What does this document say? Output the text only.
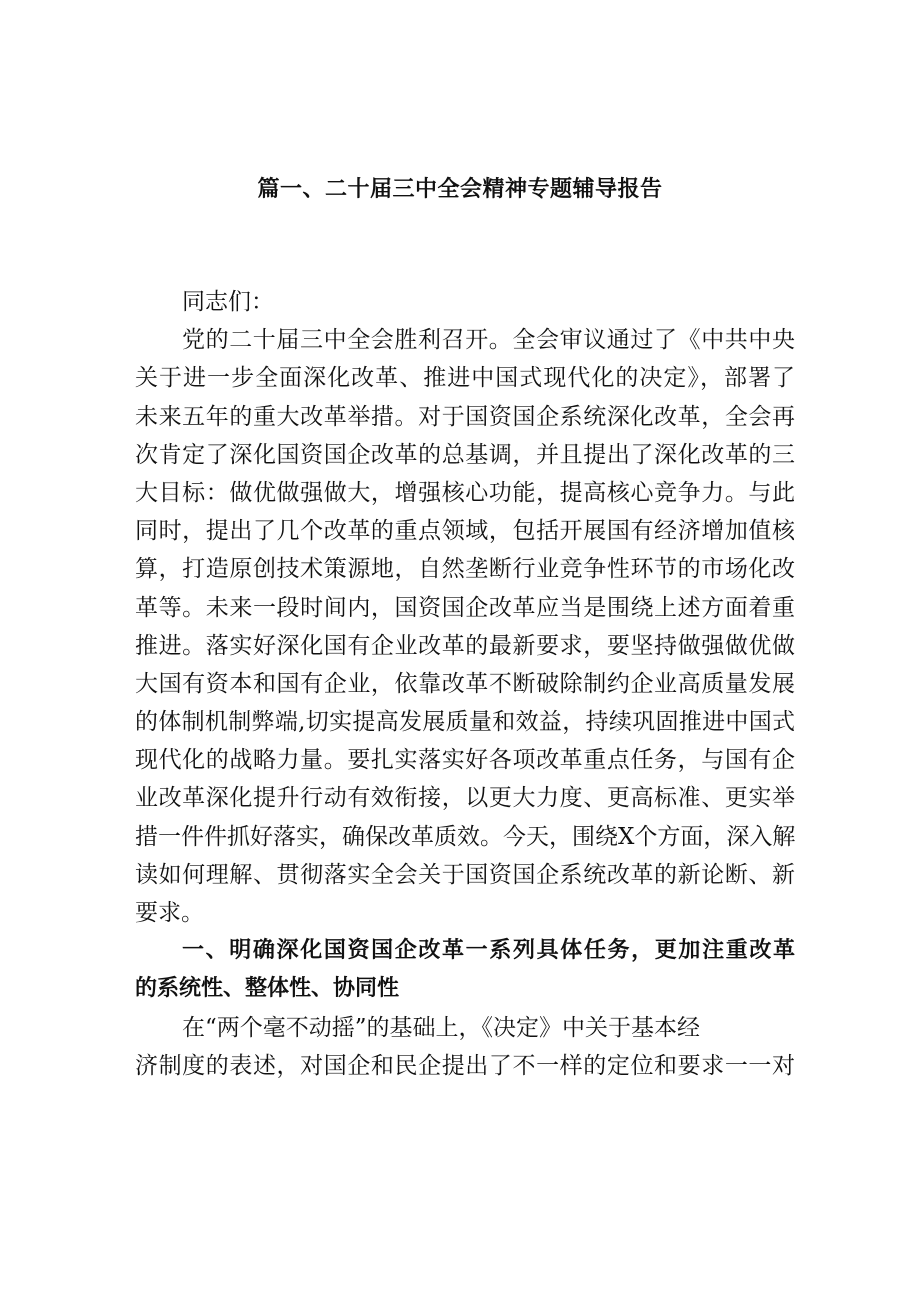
篇一、二十届三中全会精神专题辅导报告
同志们：
党的二十届三中全会胜利召开。全会审议通过了《中共中央
关于进一步全面深化改革、推进中国式现代化的决定》，部署了
未来五年的重大改革举措。对于国资国企系统深化改革，全会再
次肯定了深化国资国企改革的总基调，并且提出了深化改革的三
大目标：做优做强做大，增强核心功能，提高核心竞争力。与此
同时，提出了几个改革的重点领域，包括开展国有经济增加值核
算，打造原创技术策源地，自然垄断行业竞争性环节的市场化改
革等。未来一段时间内，国资国企改革应当是围绕上述方面着重
推进。落实好深化国有企业改革的最新要求，要坚持做强做优做
大国有资本和国有企业，依靠改革不断破除制约企业高质量发展
的体制机制弊端,切实提高发展质量和效益，持续巩固推进中国式
现代化的战略力量。要扎实落实好各项改革重点任务，与国有企
业改革深化提升行动有效衔接，以更大力度、更高标准、更实举
措一件件抓好落实，确保改革质效。今天，围绕X个方面，深入解
读如何理解、贯彻落实全会关于国资国企系统改革的新论断、新
要求。
一、明确深化国资国企改革一系列具体任务，更加注重改革
的系统性、整体性、协同性
在“两个毫不动摇”的基础上，《决定》中关于基本经
济制度的表述，对国企和民企提出了不一样的定位和要求一一对
